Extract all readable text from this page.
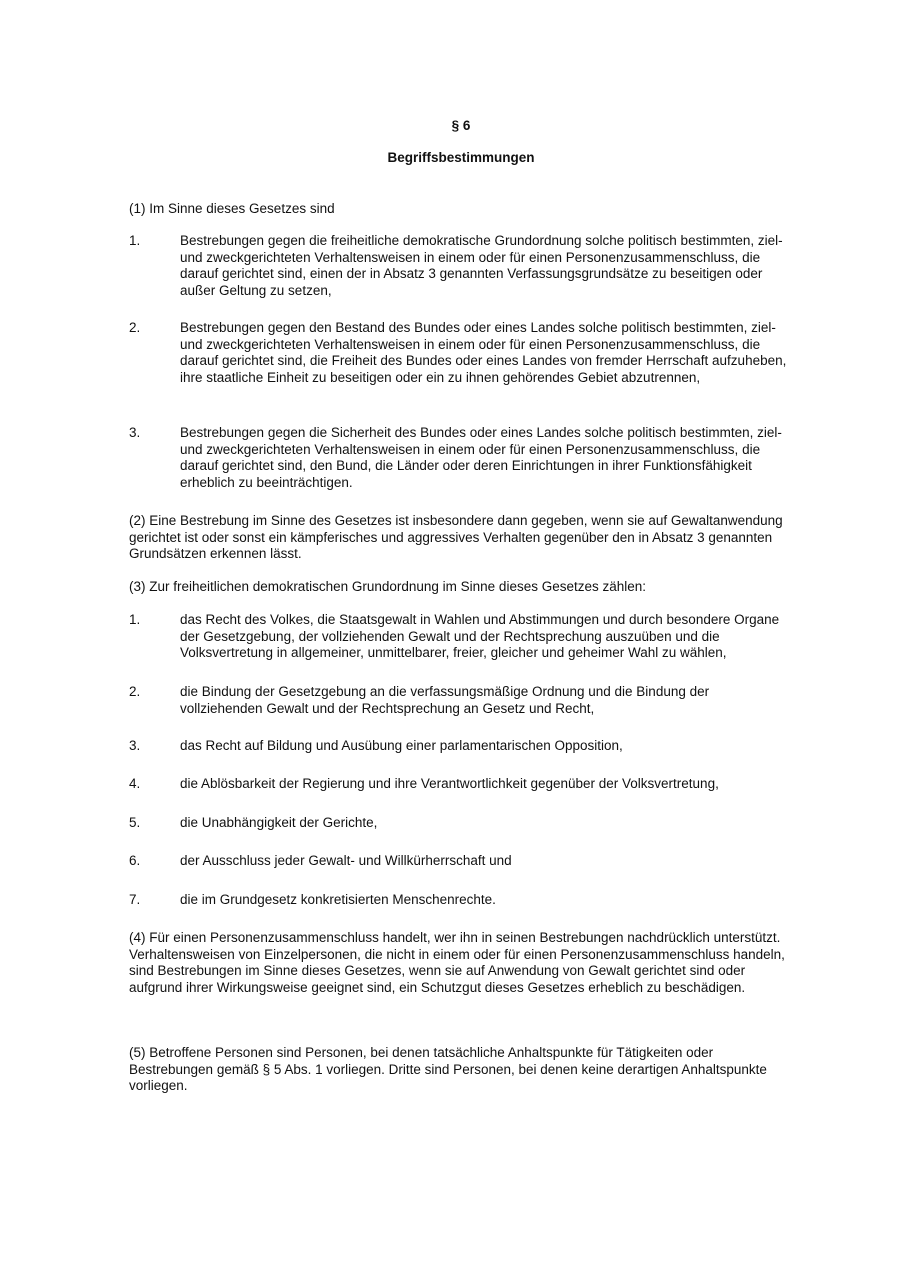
§ 6
Begriffsbestimmungen
(1) Im Sinne dieses Gesetzes sind
1.	Bestrebungen gegen die freiheitliche demokratische Grundordnung solche politisch bestimmten, ziel- und zweckgerichteten Verhaltensweisen in einem oder für einen Personenzusammenschluss, die darauf gerichtet sind, einen der in Absatz 3 genannten Verfassungsgrundsätze zu beseitigen oder außer Geltung zu setzen,
2.	Bestrebungen gegen den Bestand des Bundes oder eines Landes solche politisch bestimmten, ziel- und zweckgerichteten Verhaltensweisen in einem oder für einen Personenzusammenschluss, die darauf gerichtet sind, die Freiheit des Bundes oder eines Landes von fremder Herrschaft aufzuheben, ihre staatliche Einheit zu beseitigen oder ein zu ihnen gehörendes Gebiet abzutrennen,
3.	Bestrebungen gegen die Sicherheit des Bundes oder eines Landes solche politisch bestimmten, ziel- und zweckgerichteten Verhaltensweisen in einem oder für einen Personenzusammenschluss, die darauf gerichtet sind, den Bund, die Länder oder deren Einrichtungen in ihrer Funktionsfähigkeit erheblich zu beeinträchtigen.
(2) Eine Bestrebung im Sinne des Gesetzes ist insbesondere dann gegeben, wenn sie auf Gewaltanwendung gerichtet ist oder sonst ein kämpferisches und aggressives Verhalten gegenüber den in Absatz 3 genannten Grundsätzen erkennen lässt.
(3) Zur freiheitlichen demokratischen Grundordnung im Sinne dieses Gesetzes zählen:
1.	das Recht des Volkes, die Staatsgewalt in Wahlen und Abstimmungen und durch besondere Organe der Gesetzgebung, der vollziehenden Gewalt und der Rechtsprechung auszuüben und die Volksvertretung in allgemeiner, unmittelbarer, freier, gleicher und geheimer Wahl zu wählen,
2.	die Bindung der Gesetzgebung an die verfassungsmäßige Ordnung und die Bindung der vollziehenden Gewalt und der Rechtsprechung an Gesetz und Recht,
3.	das Recht auf Bildung und Ausübung einer parlamentarischen Opposition,
4.	die Ablösbarkeit der Regierung und ihre Verantwortlichkeit gegenüber der Volksvertretung,
5.	die Unabhängigkeit der Gerichte,
6.	der Ausschluss jeder Gewalt- und Willkürherrschaft und
7.	die im Grundgesetz konkretisierten Menschenrechte.
(4) Für einen Personenzusammenschluss handelt, wer ihn in seinen Bestrebungen nachdrücklich unterstützt. Verhaltensweisen von Einzelpersonen, die nicht in einem oder für einen Personenzusammenschluss handeln, sind Bestrebungen im Sinne dieses Gesetzes, wenn sie auf Anwendung von Gewalt gerichtet sind oder aufgrund ihrer Wirkungsweise geeignet sind, ein Schutzgut dieses Gesetzes erheblich zu beschädigen.
(5) Betroffene Personen sind Personen, bei denen tatsächliche Anhaltspunkte für Tätigkeiten oder Bestrebungen gemäß § 5 Abs. 1 vorliegen. Dritte sind Personen, bei denen keine derartigen Anhaltspunkte vorliegen.
